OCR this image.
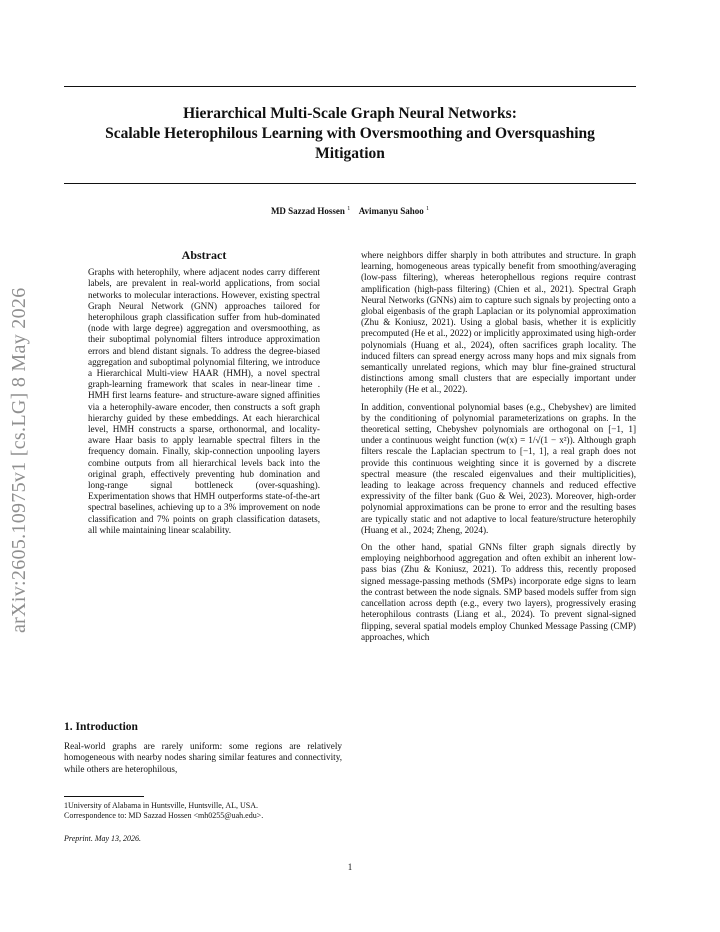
Hierarchical Multi-Scale Graph Neural Networks:
Scalable Heterophilous Learning with Oversmoothing and Oversquashing
Mitigation
MD Sazzad Hossen $^1$ Avimanyu Sahoo $^1$
arXiv:2605.10975v1 [cs.LG] 8 May 2026
Abstract
Graphs with heterophily, where adjacent nodes carry different labels, are prevalent in real-world applications, from social networks to molecular interactions. However, existing spectral Graph Neural Network (GNN) approaches tailored for heterophilous graph classification suffer from hub-dominated (node with large degree) aggregation and oversmoothing, as their suboptimal polynomial filters introduce approximation errors and blend distant signals. To address the degree-biased aggregation and suboptimal polynomial filtering, we introduce a Hierarchical Multi-view HAAR (HMH), a novel spectral graph-learning framework that scales in near-linear time . HMH first learns feature- and structure-aware signed affinities via a heterophily-aware encoder, then constructs a soft graph hierarchy guided by these embeddings. At each hierarchical level, HMH constructs a sparse, orthonormal, and locality-aware Haar basis to apply learnable spectral filters in the frequency domain. Finally, skip-connection unpooling layers combine outputs from all hierarchical levels back into the original graph, effectively preventing hub domination and long-range signal bottleneck (over-squashing). Experimentation shows that HMH outperforms state-of-the-art spectral baselines, achieving up to a 3% improvement on node classification and 7% points on graph classification datasets, all while maintaining linear scalability.
1. Introduction
Real-world graphs are rarely uniform: some regions are relatively homogeneous with nearby nodes sharing similar features and connectivity, while others are heterophilous,
1University of Alabama in Huntsville, Huntsville, AL, USA.
Correspondence to: MD Sazzad Hossen <mh0255@uah.edu>.
Preprint. May 13, 2026.

where neighbors differ sharply in both attributes and structure. In graph learning, homogeneous areas typically benefit from smoothing/averaging (low-pass filtering), whereas heterophellous regions require contrast amplification (high-pass filtering) (Chien et al., 2021). Spectral Graph Neural Networks (GNNs) aim to capture such signals by projecting onto a global eigenbasis of the graph Laplacian or its polynomial approximation (Zhu & Koniusz, 2021). Using a global basis, whether it is explicitly precomputed (He et al., 2022) or implicitly approximated using high-order polynomials (Huang et al., 2024), often sacrifices graph locality. The induced filters can spread energy across many hops and mix signals from semantically unrelated regions, which may blur fine-grained structural distinctions among small clusters that are especially important under heterophily (He et al., 2022).

In addition, conventional polynomial bases (e.g., Chebyshev) are limited by the conditioning of polynomial parameterizations on graphs. In the theoretical setting, Chebyshev polynomials are orthogonal on [−1, 1] under a continuous weight function (w(x) = 1/√(1 − x²)). Although graph filters rescale the Laplacian spectrum to [−1, 1], a real graph does not provide this continuous weighting since it is governed by a discrete spectral measure (the rescaled eigenvalues and their multiplicities), leading to leakage across frequency channels and reduced effective expressivity of the filter bank (Guo & Wei, 2023). Moreover, high-order polynomial approximations can be prone to error and the resulting bases are typically static and not adaptive to local feature/structure heterophily (Huang et al., 2024; Zheng, 2024).

On the other hand, spatial GNNs filter graph signals directly by employing neighborhood aggregation and often exhibit an inherent low-pass bias (Zhu & Koniusz, 2021). To address this, recently proposed signed message-passing methods (SMPs) incorporate edge signs to learn the contrast between the node signals. SMP based models suffer from sign cancellation across depth (e.g., every two layers), progressively erasing heterophilous contrasts (Liang et al., 2024). To prevent signal-signed flipping, several spatial models employ Chunked Message Passing (CMP) approaches, which

1
